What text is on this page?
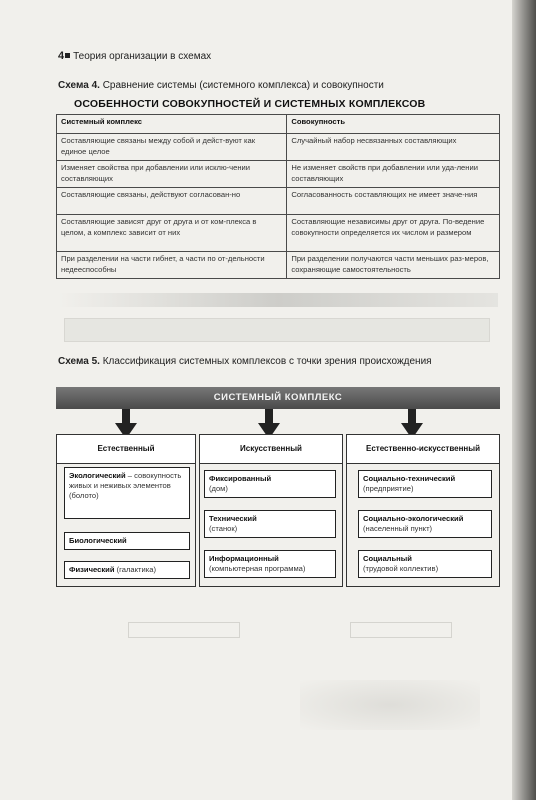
4 Теория организации в схемах
Схема 4. Сравнение системы (системного комплекса) и совокупности
ОСОБЕННОСТИ СОВОКУПНОСТЕЙ И СИСТЕМНЫХ КОМПЛЕКСОВ
Системный комплекс	Совокупность
Составляющие связаны между собой и дейст-вуют как единое целое	Случайный набор несвязанных составляющих
Изменяет свойства при добавлении или исклю-чении составляющих	Не изменяет свойств при добавлении или уда-лении составляющих
Составляющие связаны, действуют согласован-но	Согласованность составляющих не имеет значе-ния
Составляющие зависят друг от друга и от ком-плекса в целом, а комплекс зависит от них	Составляющие независимы друг от друга. По-ведение совокупности определяется их числом и размером
При разделении на части гибнет, а части по от-дельности недееспособны	При разделении получаются части меньших раз-меров, сохраняющие самостоятельность
Схема 5. Классификация системных комплексов с точки зрения происхождения
СИСТЕМНЫЙ КОМПЛЕКС
Естественный	Искусственный	Естественно-искусственный
Экологический – совокупность живых и неживых элементов (болото)
Биологический
Физический (галактика)
Фиксированный
(дом)
Технический
(станок)
Информационный
(компьютерная программа)
Социально-технический
(предприятие)
Социально-экологический
(населенный пункт)
Социальный
(трудовой коллектив)
